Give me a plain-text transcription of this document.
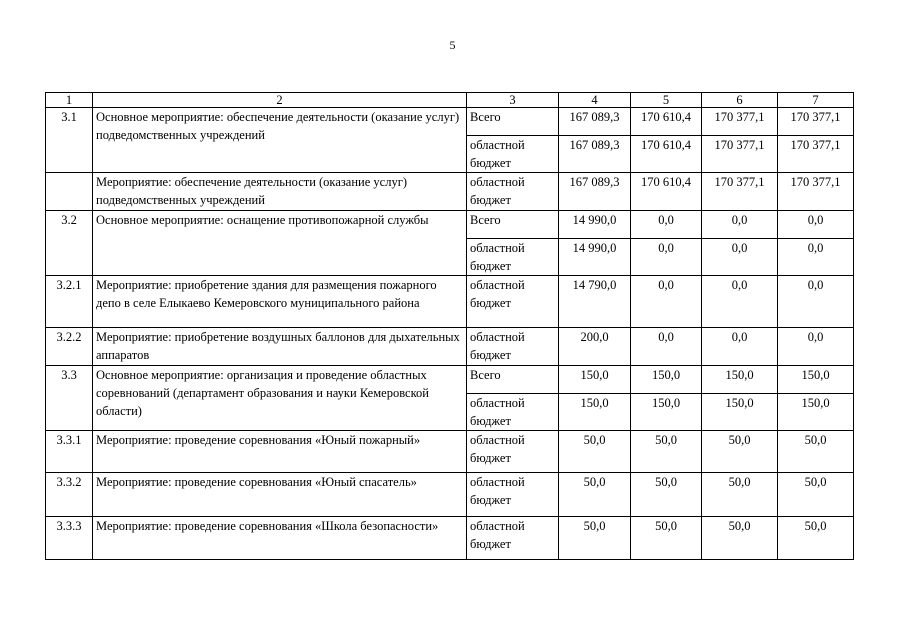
5
1	2	3	4	5	6	7
3.1	Основное мероприятие: обеспечение деятельности (оказание услуг) подведомственных учреждений	Всего	167 089,3	170 610,4	170 377,1	170 377,1
		областной бюджет	167 089,3	170 610,4	170 377,1	170 377,1
	Мероприятие: обеспечение деятельности (оказание услуг) подведомственных учреждений	областной бюджет	167 089,3	170 610,4	170 377,1	170 377,1
3.2	Основное мероприятие: оснащение противопожарной службы	Всего	14 990,0	0,0	0,0	0,0
		областной бюджет	14 990,0	0,0	0,0	0,0
3.2.1	Мероприятие: приобретение здания для размещения пожарного депо в селе Елыкаево Кемеровского муниципального района	областной бюджет	14 790,0	0,0	0,0	0,0
3.2.2	Мероприятие: приобретение воздушных баллонов для дыхательных аппаратов	областной бюджет	200,0	0,0	0,0	0,0
3.3	Основное мероприятие: организация и проведение областных соревнований (департамент образования и науки Кемеровской области)	Всего	150,0	150,0	150,0	150,0
		областной бюджет	150,0	150,0	150,0	150,0
3.3.1	Мероприятие: проведение соревнования «Юный пожарный»	областной бюджет	50,0	50,0	50,0	50,0
3.3.2	Мероприятие: проведение соревнования «Юный спасатель»	областной бюджет	50,0	50,0	50,0	50,0
3.3.3	Мероприятие: проведение соревнования «Школа безопасности»	областной бюджет	50,0	50,0	50,0	50,0
